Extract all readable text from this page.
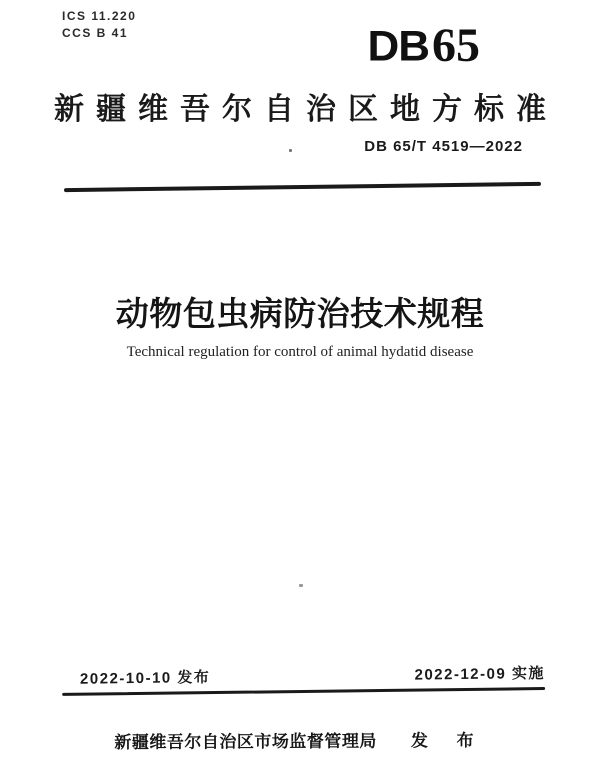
ICS 11.220
CCS B 41	DB65
新疆维吾尔自治区地方标准
DB 65/T 4519—2022
动物包虫病防治技术规程
Technical regulation for control of animal hydatid disease
2022-10-10 发布	2022-12-09 实施
新疆维吾尔自治区市场监督管理局 发 布
